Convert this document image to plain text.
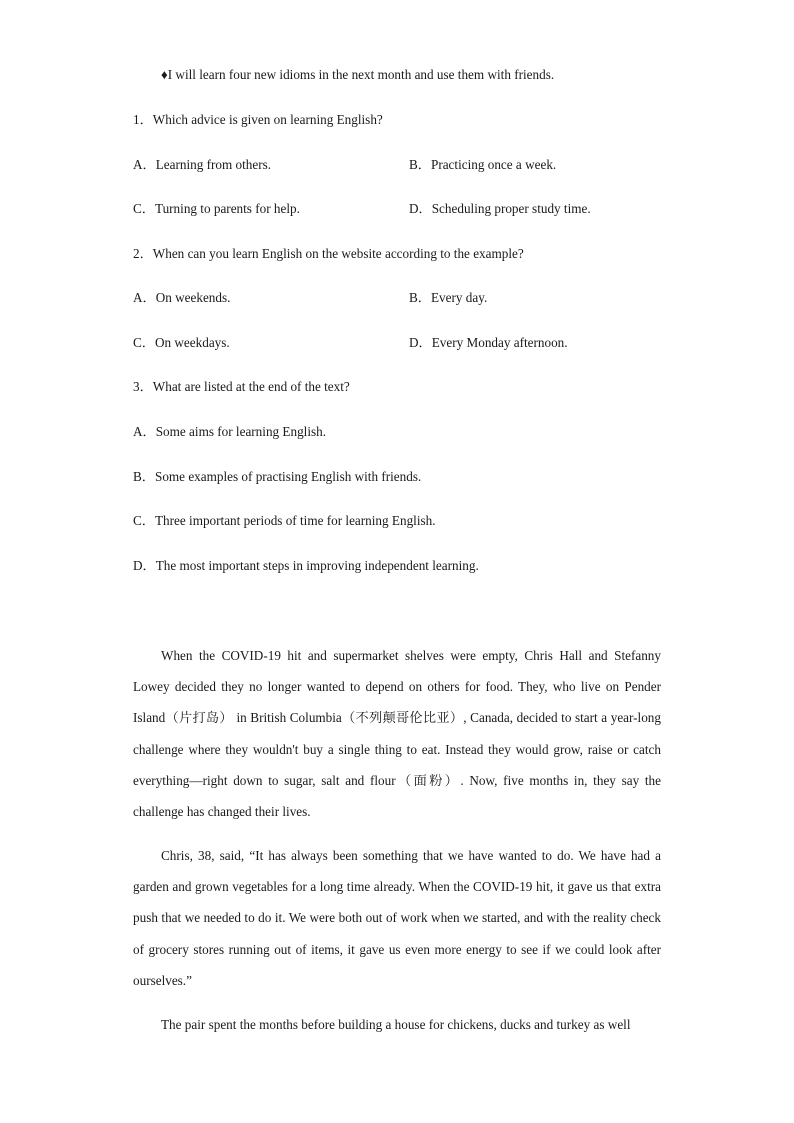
♦I will learn four new idioms in the next month and use them with friends.
1．Which advice is given on learning English?
A．Learning from others.	B．Practicing once a week.
C．Turning to parents for help.	D．Scheduling proper study time.
2．When can you learn English on the website according to the example?
A．On weekends.	B．Every day.
C．On weekdays.	D．Every Monday afternoon.
3．What are listed at the end of the text?
A．Some aims for learning English.
B．Some examples of practising English with friends.
C．Three important periods of time for learning English.
D．The most important steps in improving independent learning.
When the COVID-19 hit and supermarket shelves were empty, Chris Hall and Stefanny Lowey decided they no longer wanted to depend on others for food. They, who live on Pender Island（片打岛） in British Columbia（不列颠哥伦比亚）, Canada, decided to start a year-long challenge where they wouldn't buy a single thing to eat. Instead they would grow, raise or catch everything—right down to sugar, salt and flour（面粉）. Now, five months in, they say the challenge has changed their lives.
Chris, 38, said, “It has always been something that we have wanted to do. We have had a garden and grown vegetables for a long time already. When the COVID-19 hit, it gave us that extra push that we needed to do it. We were both out of work when we started, and with the reality check of grocery stores running out of items, it gave us even more energy to see if we could look after ourselves.”
The pair spent the months before building a house for chickens, ducks and turkey as well
